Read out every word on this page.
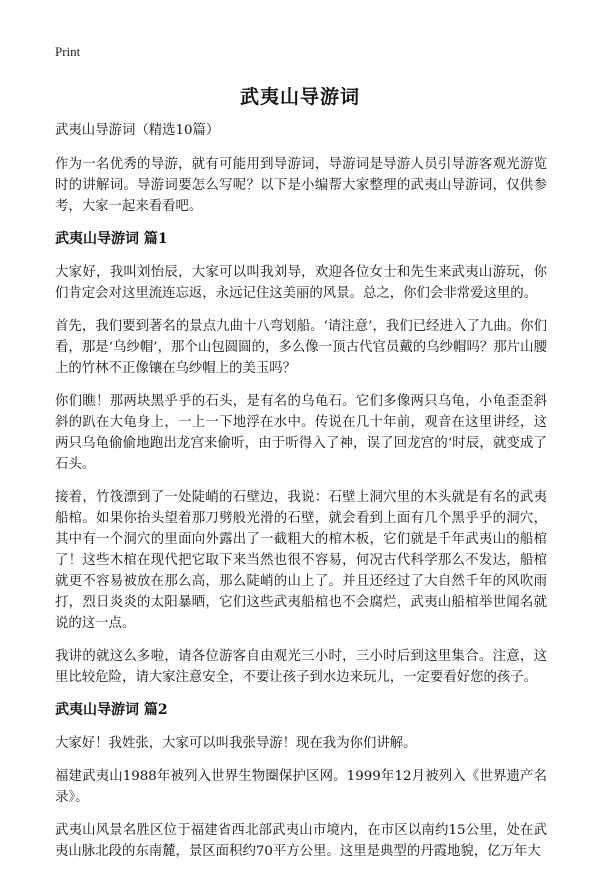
Print
武夷山导游词

武夷山导游词（精选10篇）

作为一名优秀的导游，就有可能用到导游词，导游词是导游人员引导游客观光游览时的讲解词。导游词要怎么写呢？以下是小编帮大家整理的武夷山导游词，仅供参考，大家一起来看看吧。

武夷山导游词 篇1

大家好，我叫刘怡辰，大家可以叫我刘导，欢迎各位女士和先生来武夷山游玩，你们肯定会对这里流连忘返，永远记住这美丽的风景。总之，你们会非常爱这里的。

首先，我们要到著名的景点九曲十八弯划船。‘请注意’，我们已经进入了九曲。你们看，那是‘乌纱帽’，那个山包圆圆的，多么像一顶古代官员戴的乌纱帽吗？那片山腰上的竹林不正像镶在乌纱帽上的美玉吗？

你们瞧！那两块黑乎乎的石头，是有名的乌龟石。它们多像两只乌龟，小龟歪歪斜斜的趴在大龟身上，一上一下地浮在水中。传说在几十年前，观音在这里讲经，这两只乌龟偷偷地跑出龙宫来偷听，由于听得入了神，误了回龙宫的‘时辰，就变成了石头。

接着，竹筏漂到了一处陡峭的石壁边，我说：石壁上洞穴里的木头就是有名的武夷船棺。如果你抬头望着那刀劈般光滑的石壁，就会看到上面有几个黑乎乎的洞穴，其中有一个洞穴的里面向外露出了一截粗大的棺木板，它们就是千年武夷山的船棺了！这些木棺在现代把它取下来当然也很不容易，何况古代科学那么不发达，船棺就更不容易被放在那么高，那么陡峭的山上了。并且还经过了大自然千年的风吹雨打，烈日炎炎的太阳暴晒，它们这些武夷船棺也不会腐烂，武夷山船棺举世闻名就说的这一点。

我讲的就这么多啦，请各位游客自由观光三小时，三小时后到这里集合。注意，这里比较危险，请大家注意安全，不要让孩子到水边来玩儿，一定要看好您的孩子。

武夷山导游词 篇2

大家好！我姓张，大家可以叫我张导游！现在我为你们讲解。

福建武夷山1988年被列入世界生物圈保护区网。1999年12月被列入《世界遗产名录》。

武夷山风景名胜区位于福建省西北部武夷山市境内，在市区以南约15公里，处在武夷山脉北段的东南麓，景区面积约70平方公里。这里是典型的丹霞地貌，亿万年大
